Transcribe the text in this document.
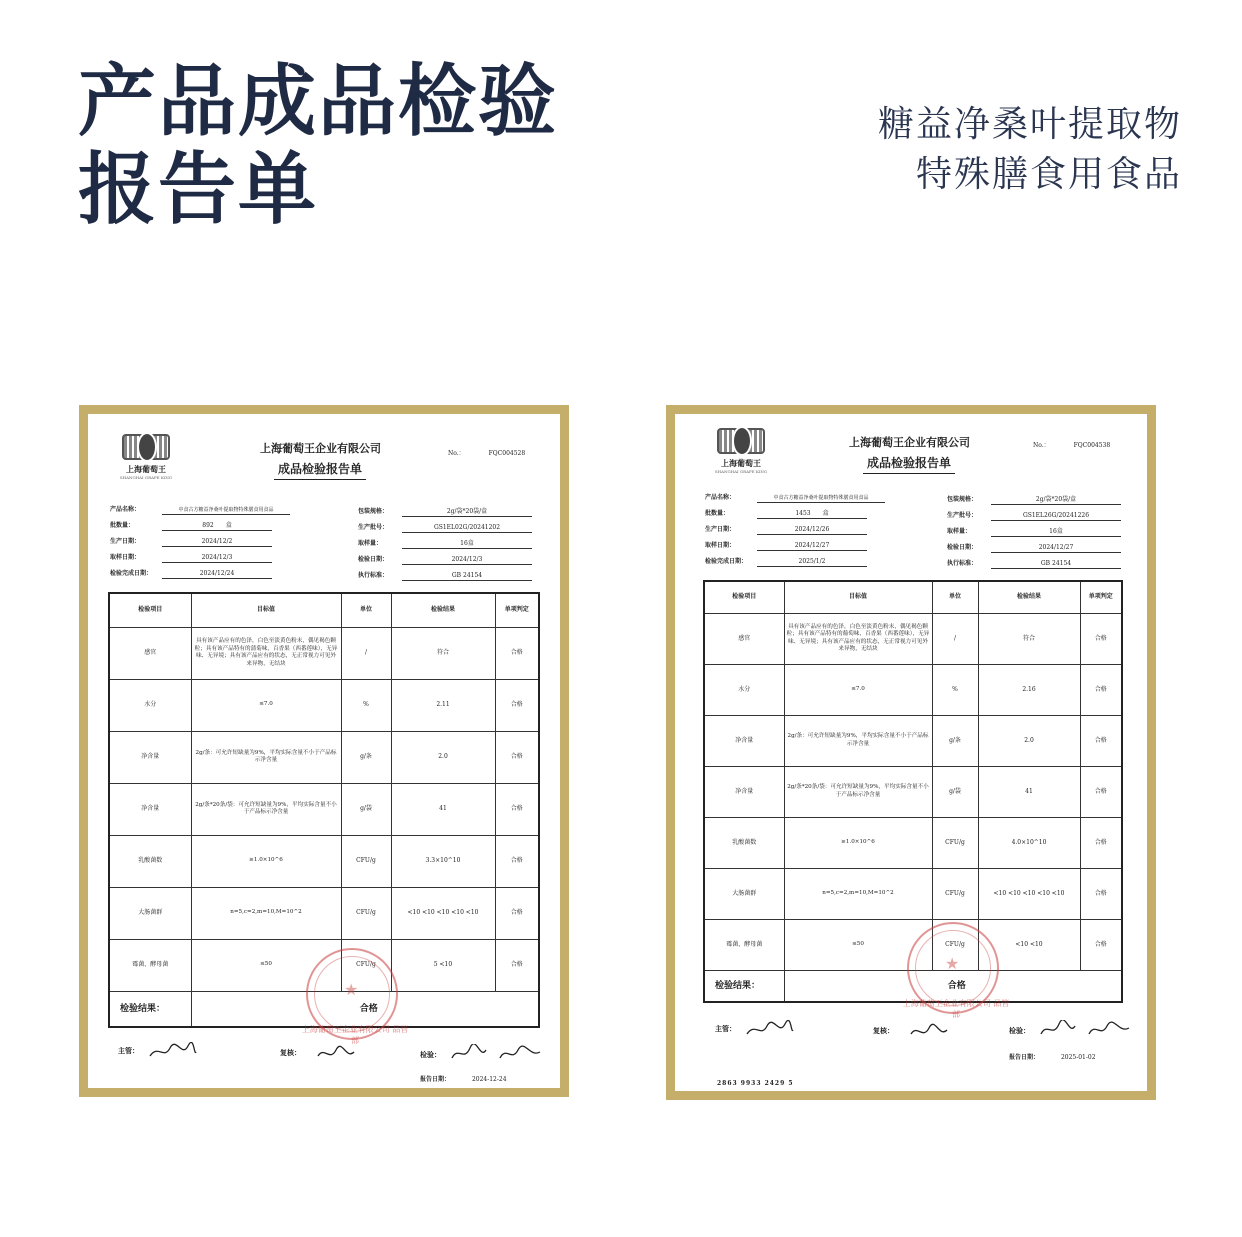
产品成品检验
报告单
糖益净桑叶提取物
特殊膳食用食品
上海葡萄王
SHANGHAI GRAPE KING
上海葡萄王企业有限公司
成品检验报告单
No.：	FQC004528
产品名称：	中食古方糖益净桑叶提取物特殊膳食用食品
批数量：	892　　盒
生产日期：	2024/12/2
取样日期：	2024/12/3
检验完成日期：	2024/12/24
包装规格：	2g/袋*20袋/盒
生产批号：	GS1EL02G/20241202
取样量：	16盒
检验日期：	2024/12/3
执行标准：	GB 24154
检验项目	目标值	单位	检验结果	单项判定
感官	具有该产品应有的色泽，白色至淡黄色粉末，偶见褐色颗粒；具有该产品特有的蒲菊味，百香果（西番莲味），无异味、无异境；具有该产品应有的状态，无正常视力可见外来异物，无结块	/	符合	合格
水分	≤7.0	%	2.11	合格
净含量	2g/条：可允许短缺量为9%，平均实际含量不小于产品标示净含量	g/条	2.0	合格
净含量	2g/条*20条/袋：可允许短缺量为9%，平均实际含量不小于产品标示净含量	g/袋	41	合格
乳酸菌数	≥1.0×10^6	CFU/g	3.3×10^10	合格
大肠菌群	n=5,c=2,m=10,M=10^2	CFU/g	<10 <10 <10 <10 <10	合格
霉菌、酵母菌	≤50	CFU/g	5 <10	合格
检验结果：	合格			
★
上海葡萄王企业有限公司 品管部
主管：	复核：	检验：
报告日期：	2024-12-24
上海葡萄王
SHANGHAI GRAPE KING
上海葡萄王企业有限公司
成品检验报告单
No.：	FQC004538
产品名称：	中食古方糖益净桑叶提取物特殊膳食用食品
批数量：	1453　　盒
生产日期：	2024/12/26
取样日期：	2024/12/27
检验完成日期：	2025/1/2
包装规格：	2g/袋*20袋/盒
生产批号：	GS1EL26G/20241226
取样量：	16盒
检验日期：	2024/12/27
执行标准：	GB 24154
检验项目	目标值	单位	检验结果	单项判定
感官	具有该产品应有的色泽，白色至淡黄色粉末，偶见褐色颗粒；具有该产品特有的葡萄味，百香果（西番莲味），无异味、无异境；具有该产品应有的状态，无正常视力可见外来异物，无结块	/	符合	合格
水分	≤7.0	%	2.16	合格
净含量	2g/条：可允许短缺量为9%，平均实际含量不小于产品标示净含量	g/条	2.0	合格
净含量	2g/条*20条/袋：可允许短缺量为9%，平均实际含量不小于产品标示净含量	g/袋	41	合格
乳酸菌数	≥1.0×10^6	CFU/g	4.0×10^10	合格
大肠菌群	n=5,c=2,m=10,M=10^2	CFU/g	<10 <10 <10 <10 <10	合格
霉菌、酵母菌	≤50	CFU/g	<10 <10	合格
检验结果：	合格			
★
上海葡萄王企业有限公司 品管部
主管：	复核：	检验：
报告日期：	2025-01-02
2863 9933 2429 5
